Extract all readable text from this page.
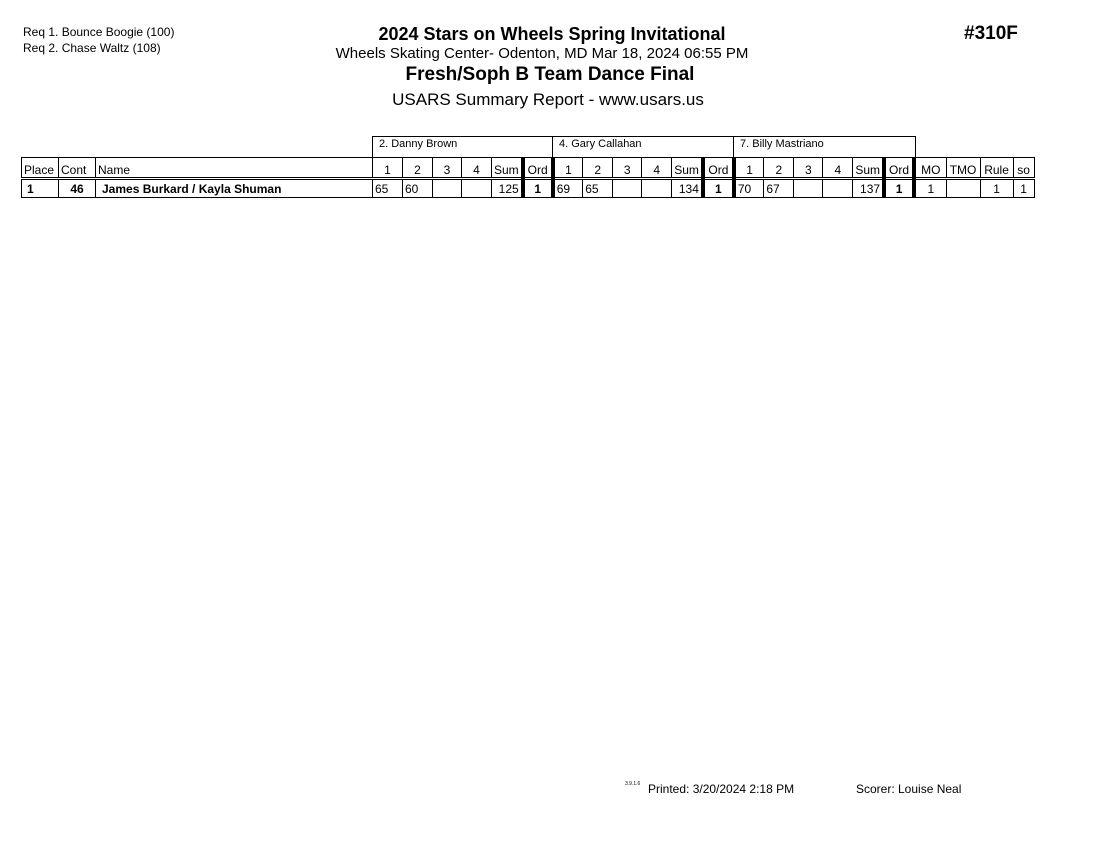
Req 1. Bounce Boogie (100)
Req 2. Chase Waltz (108)
2024 Stars on Wheels Spring Invitational
Wheels Skating Center- Odenton, MD Mar 18, 2024 06:55 PM
Fresh/Soph B Team Dance Final
USARS Summary Report - www.usars.us
#310F
2. Danny Brown	4. Gary Callahan	7. Billy Mastriano
Place	Cont	Name	1	2	3	4	Sum	Ord	1	2	3	4	Sum	Ord	1	2	3	4	Sum	Ord	MO	TMO	Rule	so
1	46	James Burkard / Kayla Shuman	65	60			125	1	69	65			134	1	70	67			137	1	1		1	1
3.9.1.6 Printed: 3/20/2024 2:18 PM	Scorer: Louise Neal
